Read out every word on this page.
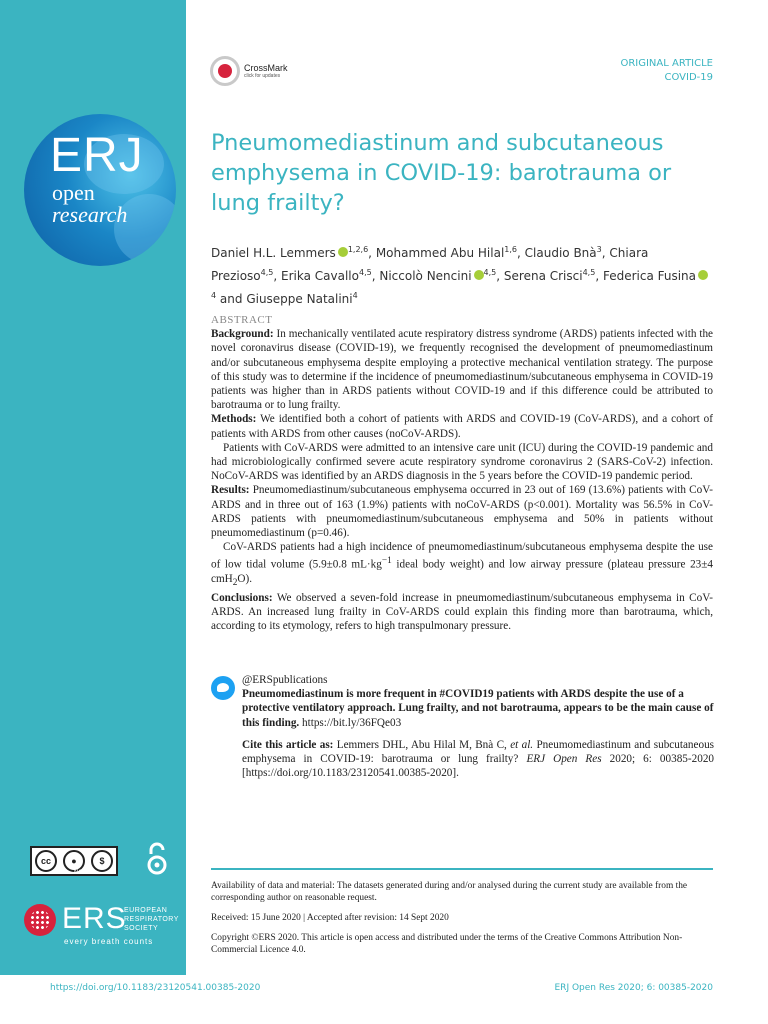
ERJ
open
research
cc	●	$
BY NC
ERS
EUROPEAN
RESPIRATORY
SOCIETY
every breath counts
CrossMark
click for updates
ORIGINAL ARTICLE
COVID-19
Pneumomediastinum and subcutaneous emphysema in COVID-19: barotrauma or lung frailty?
Daniel H.L. Lemmers $^{1,2,6}$, Mohammed Abu Hilal$^{1,6}$, Claudio Bnà$^3$, Chiara Prezioso$^{4,5}$, Erika Cavallo$^{4,5}$, Niccolò Nencini $^{4,5}$, Serena Crisci$^{4,5}$, Federica Fusina$^4$ and Giuseppe Natalini$^4$
ABSTRACT

Background: In mechanically ventilated acute respiratory distress syndrome (ARDS) patients infected with the novel coronavirus disease (COVID-19), we frequently recognised the development of pneumomediastinum and/or subcutaneous emphysema despite employing a protective mechanical ventilation strategy. The purpose of this study was to determine if the incidence of pneumomediastinum/subcutaneous emphysema in COVID-19 patients was higher than in ARDS patients without COVID-19 and if this difference could be attributed to barotrauma or to lung frailty.

Methods: We identified both a cohort of patients with ARDS and COVID-19 (CoV-ARDS), and a cohort of patients with ARDS from other causes (noCoV-ARDS).

Patients with CoV-ARDS were admitted to an intensive care unit (ICU) during the COVID-19 pandemic and had microbiologically confirmed severe acute respiratory syndrome coronavirus 2 (SARS-CoV-2) infection. NoCoV-ARDS was identified by an ARDS diagnosis in the 5 years before the COVID-19 pandemic period.

Results: Pneumomediastinum/subcutaneous emphysema occurred in 23 out of 169 (13.6%) patients with CoV-ARDS and in three out of 163 (1.9%) patients with noCoV-ARDS (p<0.001). Mortality was 56.5% in CoV-ARDS patients with pneumomediastinum/subcutaneous emphysema and 50% in patients without pneumomediastinum (p=0.46).

CoV-ARDS patients had a high incidence of pneumomediastinum/subcutaneous emphysema despite the use of low tidal volume (5.9±0.8 $mL\cdot kg^{-1}$ ideal body weight) and low airway pressure (plateau pressure 23±4 cmH$_2$O).

Conclusions: We observed a seven-fold increase in pneumomediastinum/subcutaneous emphysema in CoV-ARDS. An increased lung frailty in CoV-ARDS could explain this finding more than barotrauma, which, according to its etymology, refers to high transpulmonary pressure.

@ERSpublications
Pneumomediastinum is more frequent in #COVID19 patients with ARDS despite the use of a protective ventilatory approach. Lung frailty, and not barotrauma, appears to be the main cause of this finding. https://bit.ly/36FQe03
Cite this article as: Lemmers DHL, Abu Hilal M, Bnà C, et al. Pneumomediastinum and subcutaneous emphysema in COVID-19: barotrauma or lung frailty? ERJ Open Res 2020; 6: 00385-2020 [https://doi.org/10.1183/23120541.00385-2020].

Availability of data and material: The datasets generated during and/or analysed during the current study are available from the corresponding author on reasonable request.

Received: 15 June 2020 | Accepted after revision: 14 Sept 2020

Copyright ©ERS 2020. This article is open access and distributed under the terms of the Creative Commons Attribution Non-Commercial Licence 4.0.

https://doi.org/10.1183/23120541.00385-2020	ERJ Open Res 2020; 6: 00385-2020
